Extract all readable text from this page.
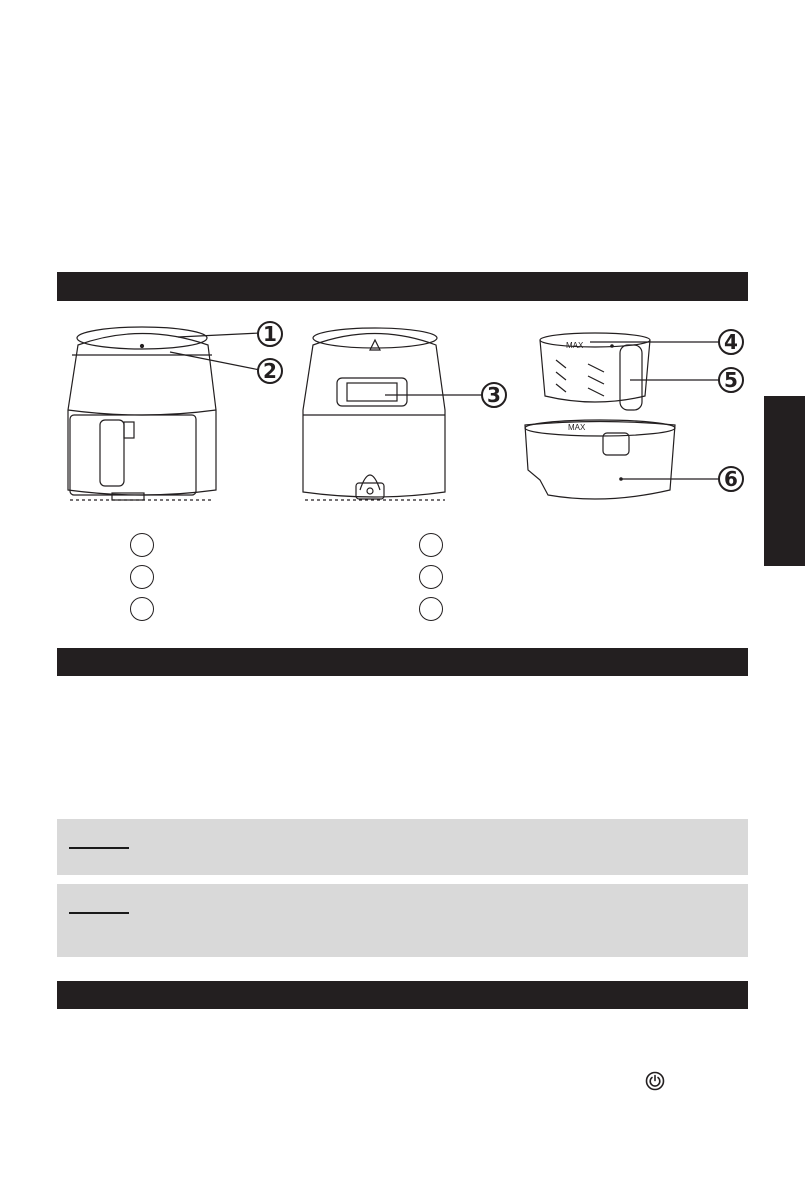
MAX
MAX
1
2
3
4
5
6
